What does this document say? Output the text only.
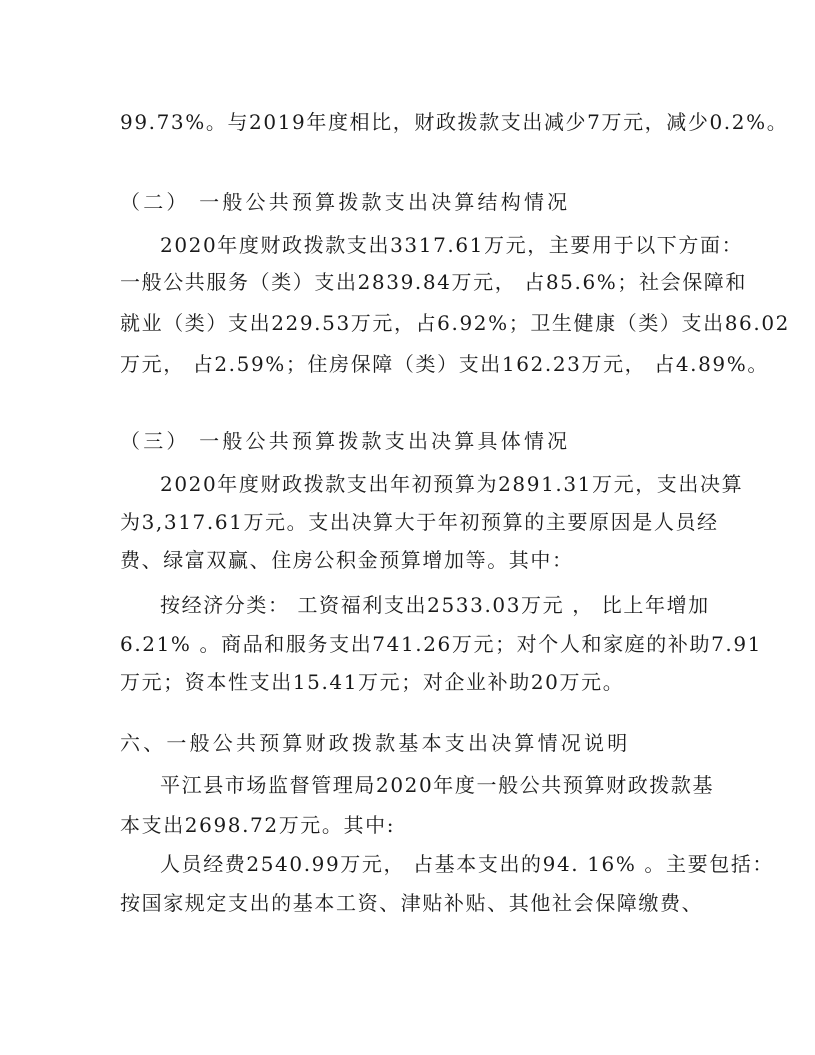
99.73%。与2019年度相比，财政拨款支出减少7万元，减少0.2%。
（二） 一般公共预算拨款支出决算结构情况
2020年度财政拨款支出3317.61万元，主要用于以下方面：
一般公共服务（类）支出2839.84万元， 占85.6%；社会保障和
就业（类）支出229.53万元，占6.92%；卫生健康（类）支出86.02
万元， 占2.59%；住房保障（类）支出162.23万元， 占4.89%。
（三） 一般公共预算拨款支出决算具体情况
2020年度财政拨款支出年初预算为2891.31万元，支出决算
为3,317.61万元。支出决算大于年初预算的主要原因是人员经
费、绿富双赢、住房公积金预算增加等。其中：
按经济分类： 工资福利支出2533.03万元 ， 比上年增加
6.21% 。商品和服务支出741.26万元；对个人和家庭的补助7.91
万元；资本性支出15.41万元；对企业补助20万元。
六、一般公共预算财政拨款基本支出决算情况说明
平江县市场监督管理局2020年度一般公共预算财政拨款基
本支出2698.72万元。其中:
人员经费2540.99万元， 占基本支出的94. 16% 。主要包括：
按国家规定支出的基本工资、津贴补贴、其他社会保障缴费、
